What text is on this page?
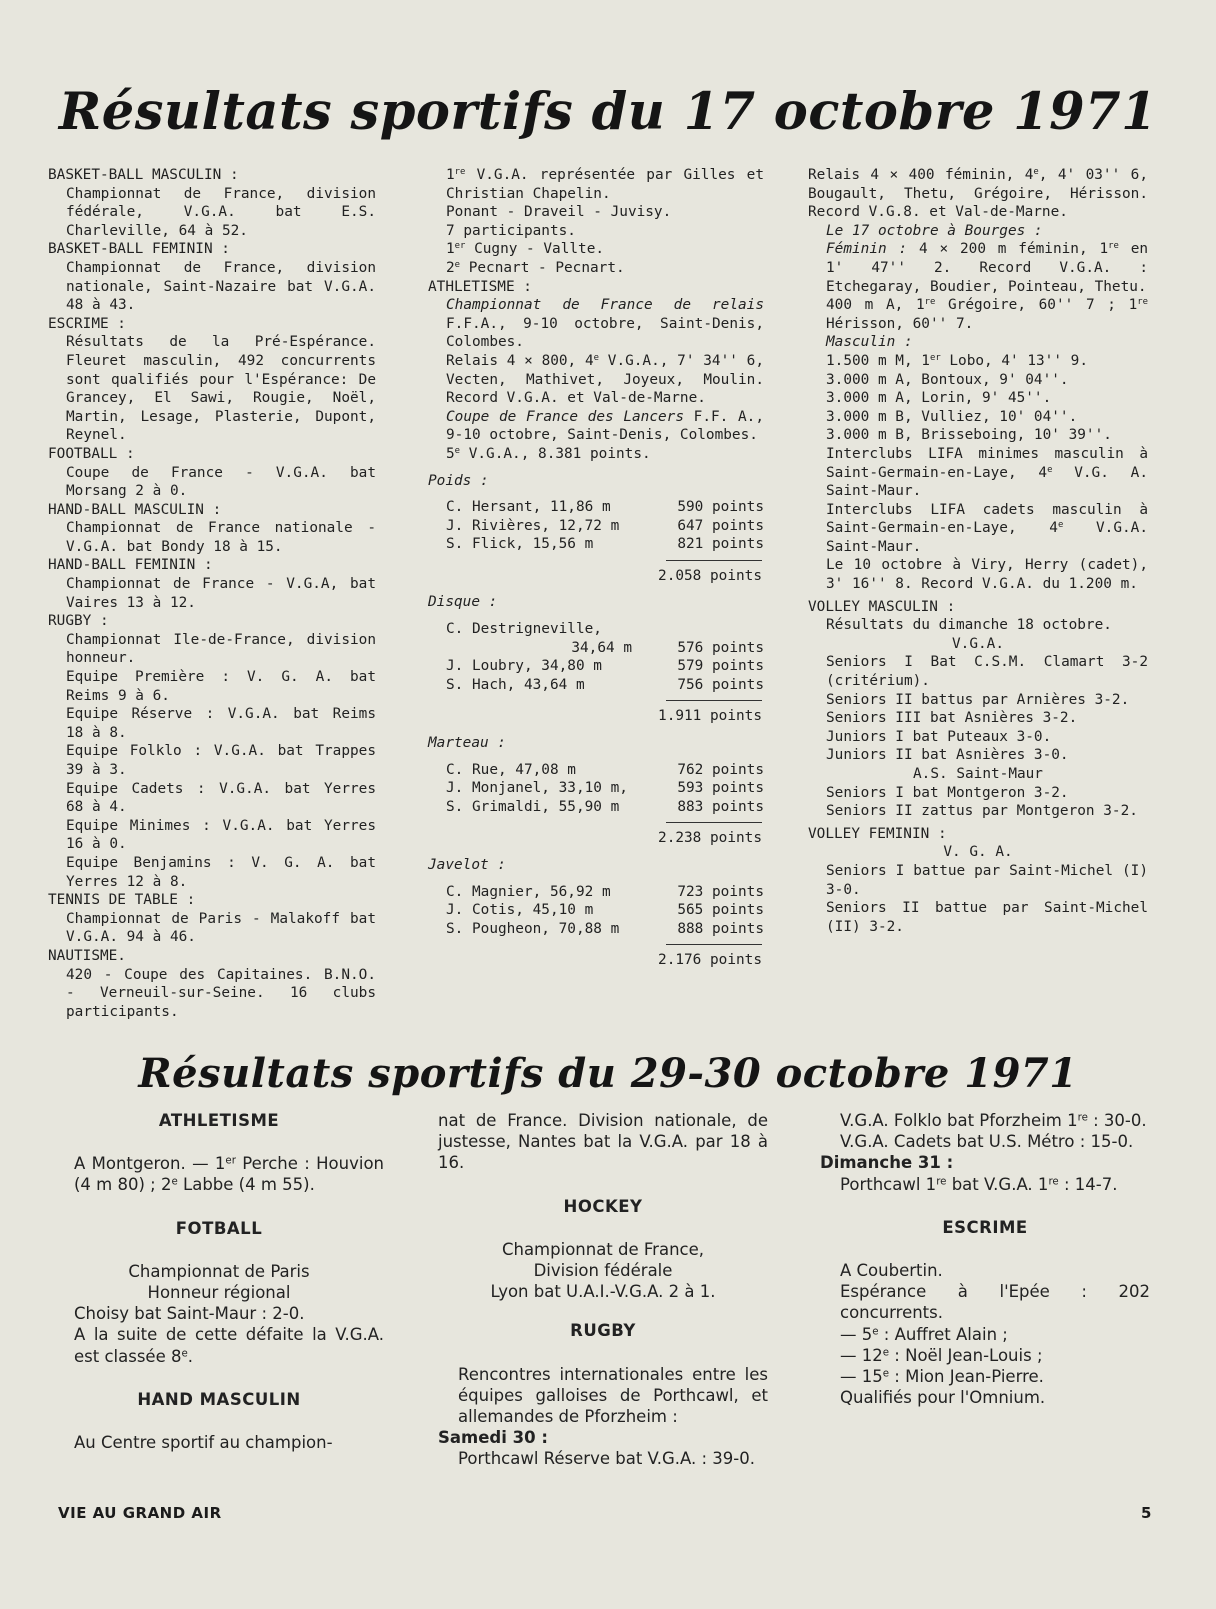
Résultats sportifs du 17 octobre 1971

BASKET-BALL MASCULIN :

Championnat de France, division fédérale, V.G.A. bat E.S. Charleville, 64 à 52.

BASKET-BALL FEMININ :

Championnat de France, division nationale, Saint-Nazaire bat V.G.A. 48 à 43.

ESCRIME :

Résultats de la Pré-Espérance. Fleuret masculin, 492 concurrents sont qualifiés pour l'Espérance: De Grancey, El Sawi, Rougie, Noël, Martin, Lesage, Plasterie, Dupont, Reynel.

FOOTBALL :

Coupe de France - V.G.A. bat Morsang 2 à 0.

HAND-BALL MASCULIN :

Championnat de France nationale - V.G.A. bat Bondy 18 à 15.

HAND-BALL FEMININ :

Championnat de France - V.G.A, bat Vaires 13 à 12.

RUGBY :

Championnat Ile-de-France, division honneur.

Equipe Première : V. G. A. bat Reims 9 à 6.

Equipe Réserve : V.G.A. bat Reims 18 à 8.

Equipe Folklo : V.G.A. bat Trappes 39 à 3.

Equipe Cadets : V.G.A. bat Yerres 68 à 4.

Equipe Minimes : V.G.A. bat Yerres 16 à 0.

Equipe Benjamins : V. G. A. bat Yerres 12 à 8.

TENNIS DE TABLE :

Championnat de Paris - Malakoff bat V.G.A. 94 à 46.

NAUTISME.

420 - Coupe des Capitaines. B.N.O. - Verneuil-sur-Seine. 16 clubs participants.

1re V.G.A. représentée par Gilles et Christian Chapelin.

Ponant - Draveil - Juvisy.

7 participants.

1er Cugny - Vallte.

2e Pecnart - Pecnart.

ATHLETISME :

Championnat de France de relais F.F.A., 9-10 octobre, Saint-Denis, Colombes.

Relais 4 × 800, 4e V.G.A., 7' 34'' 6, Vecten, Mathivet, Joyeux, Moulin. Record V.G.A. et Val-de-Marne.

Coupe de France des Lancers F.F. A., 9-10 octobre, Saint-Denis, Colombes.

5e V.G.A., 8.381 points.

Poids :

C. Hersant, 11,86 m	590 points
J. Rivières, 12,72 m	647 points
S. Flick, 15,56 m	821 points

2.058 points

Disque :

C. Destrigneville,	
34,64 m	576 points
J. Loubry, 34,80 m	579 points
S. Hach, 43,64 m	756 points

1.911 points

Marteau :

C. Rue, 47,08 m	762 points
J. Monjanel, 33,10 m,	593 points
S. Grimaldi, 55,90 m	883 points

2.238 points

Javelot :

C. Magnier, 56,92 m	723 points
J. Cotis, 45,10 m	565 points
S. Pougheon, 70,88 m	888 points

2.176 points

Relais 4 × 400 féminin, 4e, 4' 03'' 6, Bougault, Thetu, Grégoire, Hérisson. Record V.G.8. et Val-de-Marne.

Le 17 octobre à Bourges :

Féminin : 4 × 200 m féminin, 1re en 1' 47'' 2. Record V.G.A. : Etchegaray, Boudier, Pointeau, Thetu.

400 m A, 1re Grégoire, 60'' 7 ; 1re Hérisson, 60'' 7.

Masculin :

1.500 m M, 1er Lobo, 4' 13'' 9.

3.000 m A, Bontoux, 9' 04''.

3.000 m A, Lorin, 9' 45''.

3.000 m B, Vulliez, 10' 04''.

3.000 m B, Brisseboing, 10' 39''.

Interclubs LIFA minimes masculin à Saint-Germain-en-Laye, 4e V.G. A. Saint-Maur.

Interclubs LIFA cadets masculin à Saint-Germain-en-Laye, 4e V.G.A. Saint-Maur.

Le 10 octobre à Viry, Herry (cadet), 3' 16'' 8. Record V.G.A. du 1.200 m.

VOLLEY MASCULIN :

Résultats du dimanche 18 octobre.

V.G.A.

Seniors I Bat C.S.M. Clamart 3-2 (critérium).

Seniors II battus par Arnières 3-2.

Seniors III bat Asnières 3-2.

Juniors I bat Puteaux 3-0.

Juniors II bat Asnières 3-0.

A.S. Saint-Maur

Seniors I bat Montgeron 3-2.

Seniors II zattus par Montgeron 3-2.

VOLLEY FEMININ :

V. G. A.

Seniors I battue par Saint-Michel (I) 3-0.

Seniors II battue par Saint-Michel (II) 3-2.

Résultats sportifs du 29-30 octobre 1971
ATHLETISME

A Montgeron. — 1er Perche : Houvion (4 m 80) ; 2e Labbe (4 m 55).

FOTBALL

Championnat de Paris

Honneur régional

Choisy bat Saint-Maur : 2-0.

A la suite de cette défaite la V.G.A. est classée 8e.

HAND MASCULIN

Au Centre sportif au champion-

nat de France. Division nationale, de justesse, Nantes bat la V.G.A. par 18 à 16.

HOCKEY

Championnat de France,

Division fédérale

Lyon bat U.A.I.-V.G.A. 2 à 1.

RUGBY

Rencontres internationales entre les équipes galloises de Porthcawl, et allemandes de Pforzheim :

Samedi 30 :

Porthcawl Réserve bat V.G.A. : 39-0.

V.G.A. Folklo bat Pforzheim 1re : 30-0.

V.G.A. Cadets bat U.S. Métro : 15-0.

Dimanche 31 :

Porthcawl 1re bat V.G.A. 1re : 14-7.

ESCRIME

A Coubertin.

Espérance à l'Epée : 202 concurrents.

— 5e : Auffret Alain ;

— 12e : Noël Jean-Louis ;

— 15e : Mion Jean-Pierre.

Qualifiés pour l'Omnium.

VIE AU GRAND AIR	5
